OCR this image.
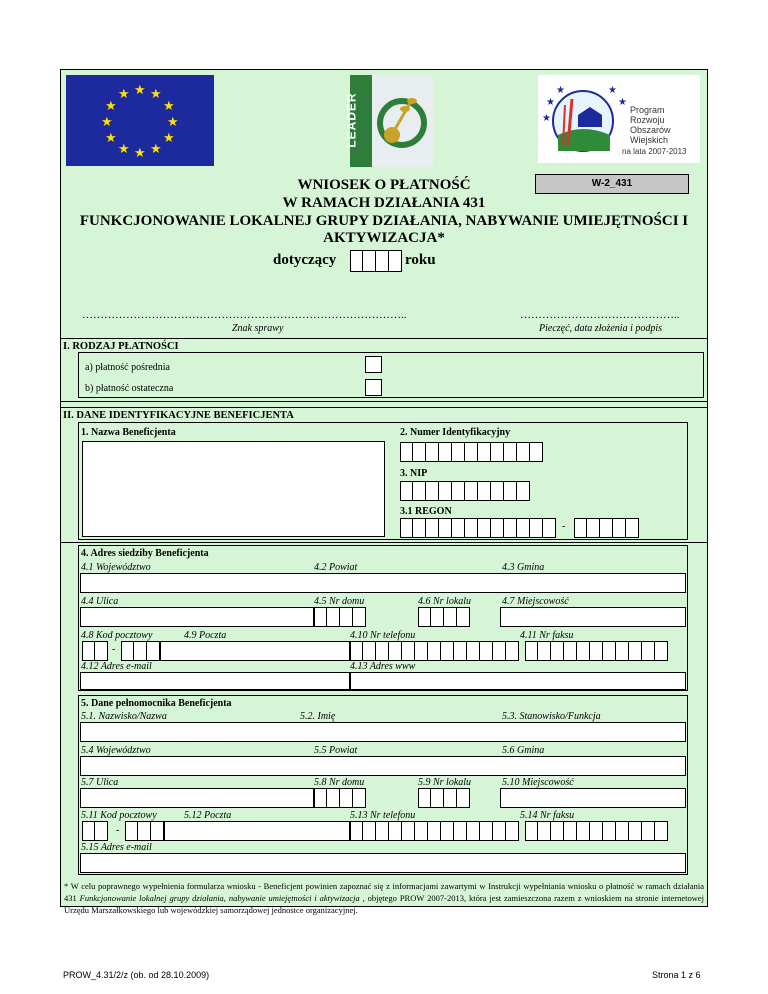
★ ★
★
★
★
★
★
★
★
★
★
★	LEADER	★
★	★
★
★
Program
Rozwoju
Obszarów
Wiejskich
na lata 2007-2013
W-2_431
WNIOSEK O PŁATNOŚĆ
W RAMACH DZIAŁANIA 431
FUNKCJONOWANIE LOKALNEJ GRUPY DZIAŁANIA, NABYWANIE UMIEJĘTNOŚCI I
AKTYWIZACJA*
dotyczący	roku
……………………………………………………………………………..	……………………………………..
Znak sprawy	Pieczęć, data złożenia i podpis
I. RODZAJ PŁATNOŚCI
a) płatność pośrednia
b) płatność ostateczna
II. DANE IDENTYFIKACYJNE BENEFICJENTA
1. Nazwa Beneficjenta	2. Numer Identyfikacyjny
3. NIP
3.1 REGON
-
4. Adres siedziby Beneficjenta
4.1 Województwo	4.2 Powiat	4.3 Gmina
4.4 Ulica	4.5 Nr domu	4.6 Nr lokalu	4.7 Miejscowość
4.8 Kod pocztowy	4.9 Poczta	4.10 Nr telefonu	4.11 Nr faksu
-
4.12 Adres e-mail	4.13 Adres www
5. Dane pełnomocnika Beneficjenta
5.1. Nazwisko/Nazwa	5.2. Imię	5.3. Stanowisko/Funkcja
5.4 Województwo	5.5 Powiat	5.6 Gmina
5.7 Ulica	5.8 Nr domu	5.9 Nr lokalu	5.10 Miejscowość
5.11 Kod pocztowy	5.12 Poczta	5.13 Nr telefonu	5.14 Nr faksu
-
5.15 Adres e-mail
* W celu poprawnego wypełnienia formularza wniosku - Beneficjent powinien zapoznać się z informacjami zawartymi w Instrukcji wypełniania wniosku o płatność w ramach działania 431 Funkcjonowanie lokalnej grupy działania, nabywanie umiejętności i aktywizacja , objętego PROW 2007-2013, która jest zamieszczona razem z wnioskiem na stronie internetowej Urzędu Marszałkowskiego lub wojewódzkiej samorządowej jednostce organizacyjnej.
PROW_4.31/2/z (ob. od 28.10.2009)	Strona 1 z 6
